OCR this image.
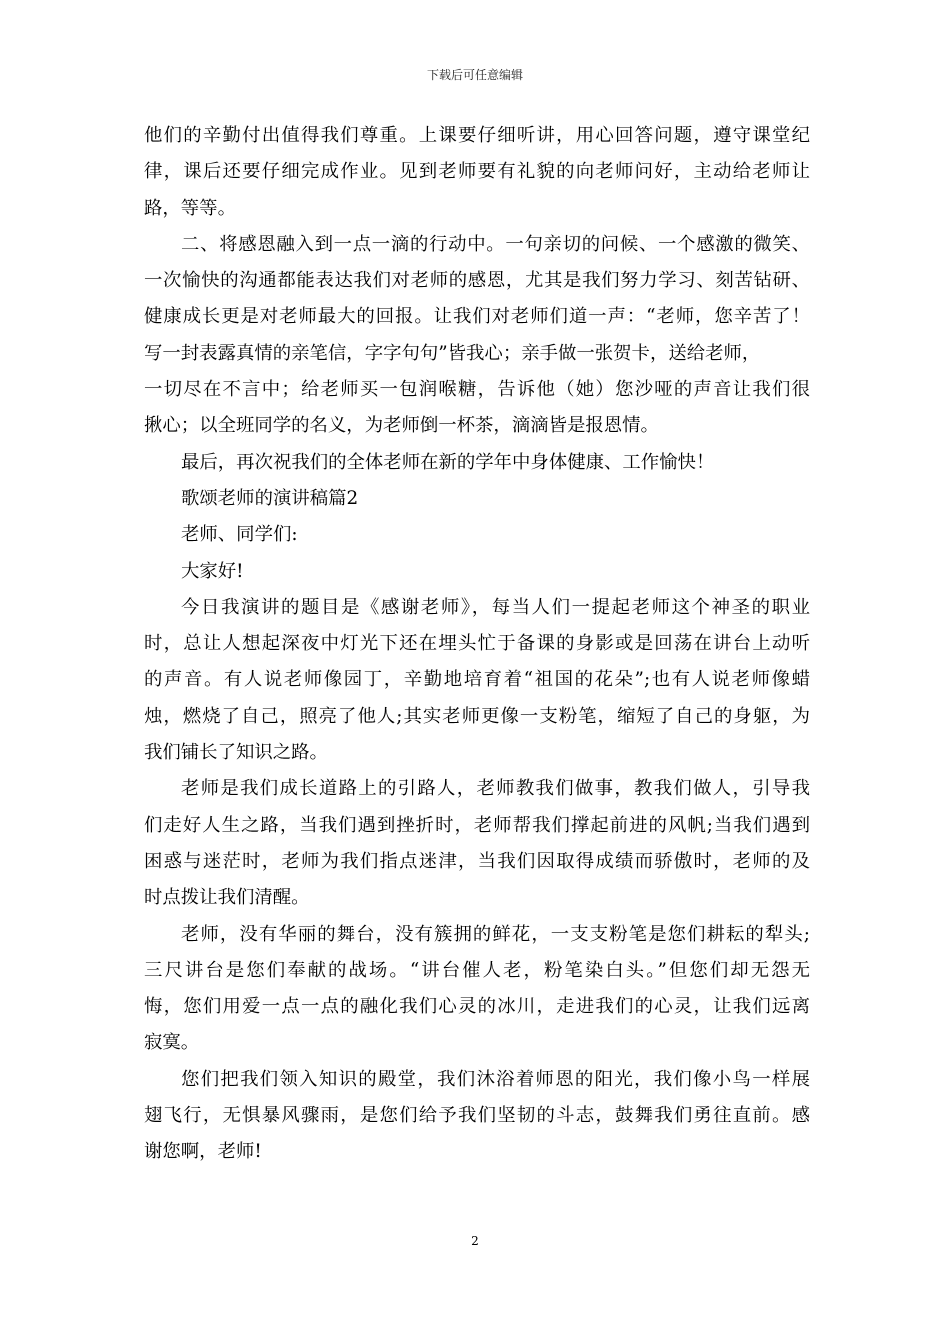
下载后可任意编辑
他们的辛勤付出值得我们尊重。上课要仔细听讲，用心回答问题，遵守课堂纪
律，课后还要仔细完成作业。见到老师要有礼貌的向老师问好，主动给老师让
路，等等。
二、将感恩融入到一点一滴的行动中。一句亲切的问候、一个感激的微笑、
一次愉快的沟通都能表达我们对老师的感恩，尤其是我们努力学习、刻苦钻研、
健康成长更是对老师最大的回报。让我们对老师们道一声：“老师，您辛苦了！
写一封表露真情的亲笔信，字字句句”皆我心；亲手做一张贺卡，送给老师，
一切尽在不言中；给老师买一包润喉糖，告诉他（她）您沙哑的声音让我们很
揪心；以全班同学的名义，为老师倒一杯茶，滴滴皆是报恩情。
最后，再次祝我们的全体老师在新的学年中身体健康、工作愉快！
歌颂老师的演讲稿篇2
老师、同学们:
大家好!
今日我演讲的题目是《感谢老师》，每当人们一提起老师这个神圣的职业
时，总让人想起深夜中灯光下还在埋头忙于备课的身影或是回荡在讲台上动听
的声音。有人说老师像园丁，辛勤地培育着“祖国的花朵”;也有人说老师像蜡
烛，燃烧了自己，照亮了他人;其实老师更像一支粉笔，缩短了自己的身躯，为
我们铺长了知识之路。
老师是我们成长道路上的引路人，老师教我们做事，教我们做人，引导我
们走好人生之路，当我们遇到挫折时，老师帮我们撑起前进的风帆;当我们遇到
困惑与迷茫时，老师为我们指点迷津，当我们因取得成绩而骄傲时，老师的及
时点拨让我们清醒。
老师，没有华丽的舞台，没有簇拥的鲜花，一支支粉笔是您们耕耘的犁头;
三尺讲台是您们奉献的战场。“讲台催人老，粉笔染白头。”但您们却无怨无
悔，您们用爱一点一点的融化我们心灵的冰川，走进我们的心灵，让我们远离
寂寞。
您们把我们领入知识的殿堂，我们沐浴着师恩的阳光，我们像小鸟一样展
翅飞行，无惧暴风骤雨，是您们给予我们坚韧的斗志，鼓舞我们勇往直前。感
谢您啊，老师!
2
